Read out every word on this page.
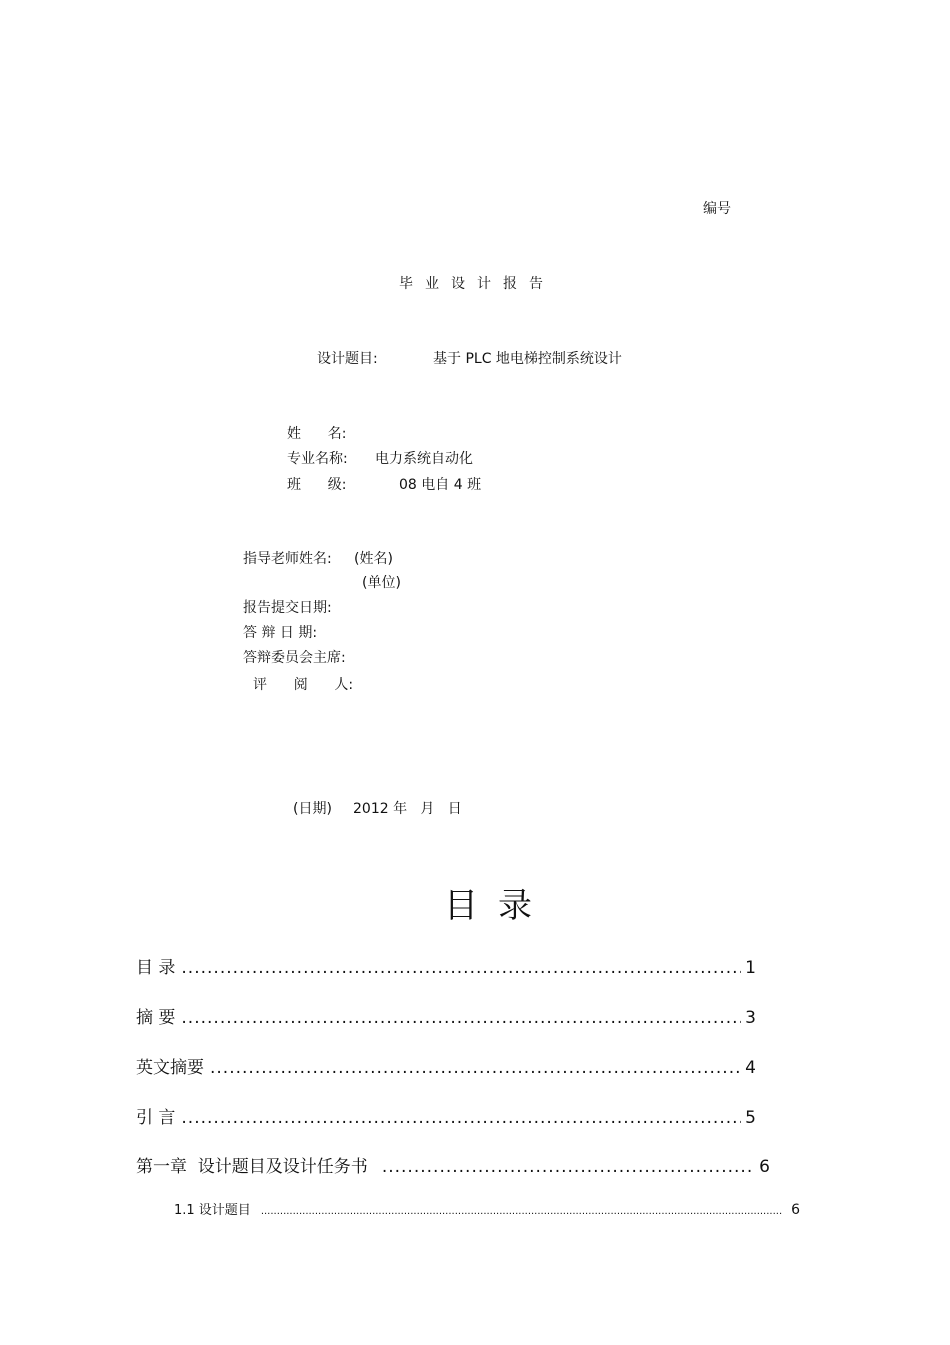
编号
毕业设计报告
设计题目:	基于 PLC 地电梯控制系统设计
姓      名:
专业名称: 电力系统自动化
班      级:	08 电自 4 班
指导老师姓名: (姓名)
(单位)
报告提交日期:
答 辩 日 期:
答辩委员会主席:
评      阅      人:
(日期) 2012 年   月   日
目录
目 录 .....	1
摘 要 .....	3
英文摘要 .....	4
引 言 .....	5
第一章  设计题目及设计任务书 .....	6
1.1 设计题目 .....	6
